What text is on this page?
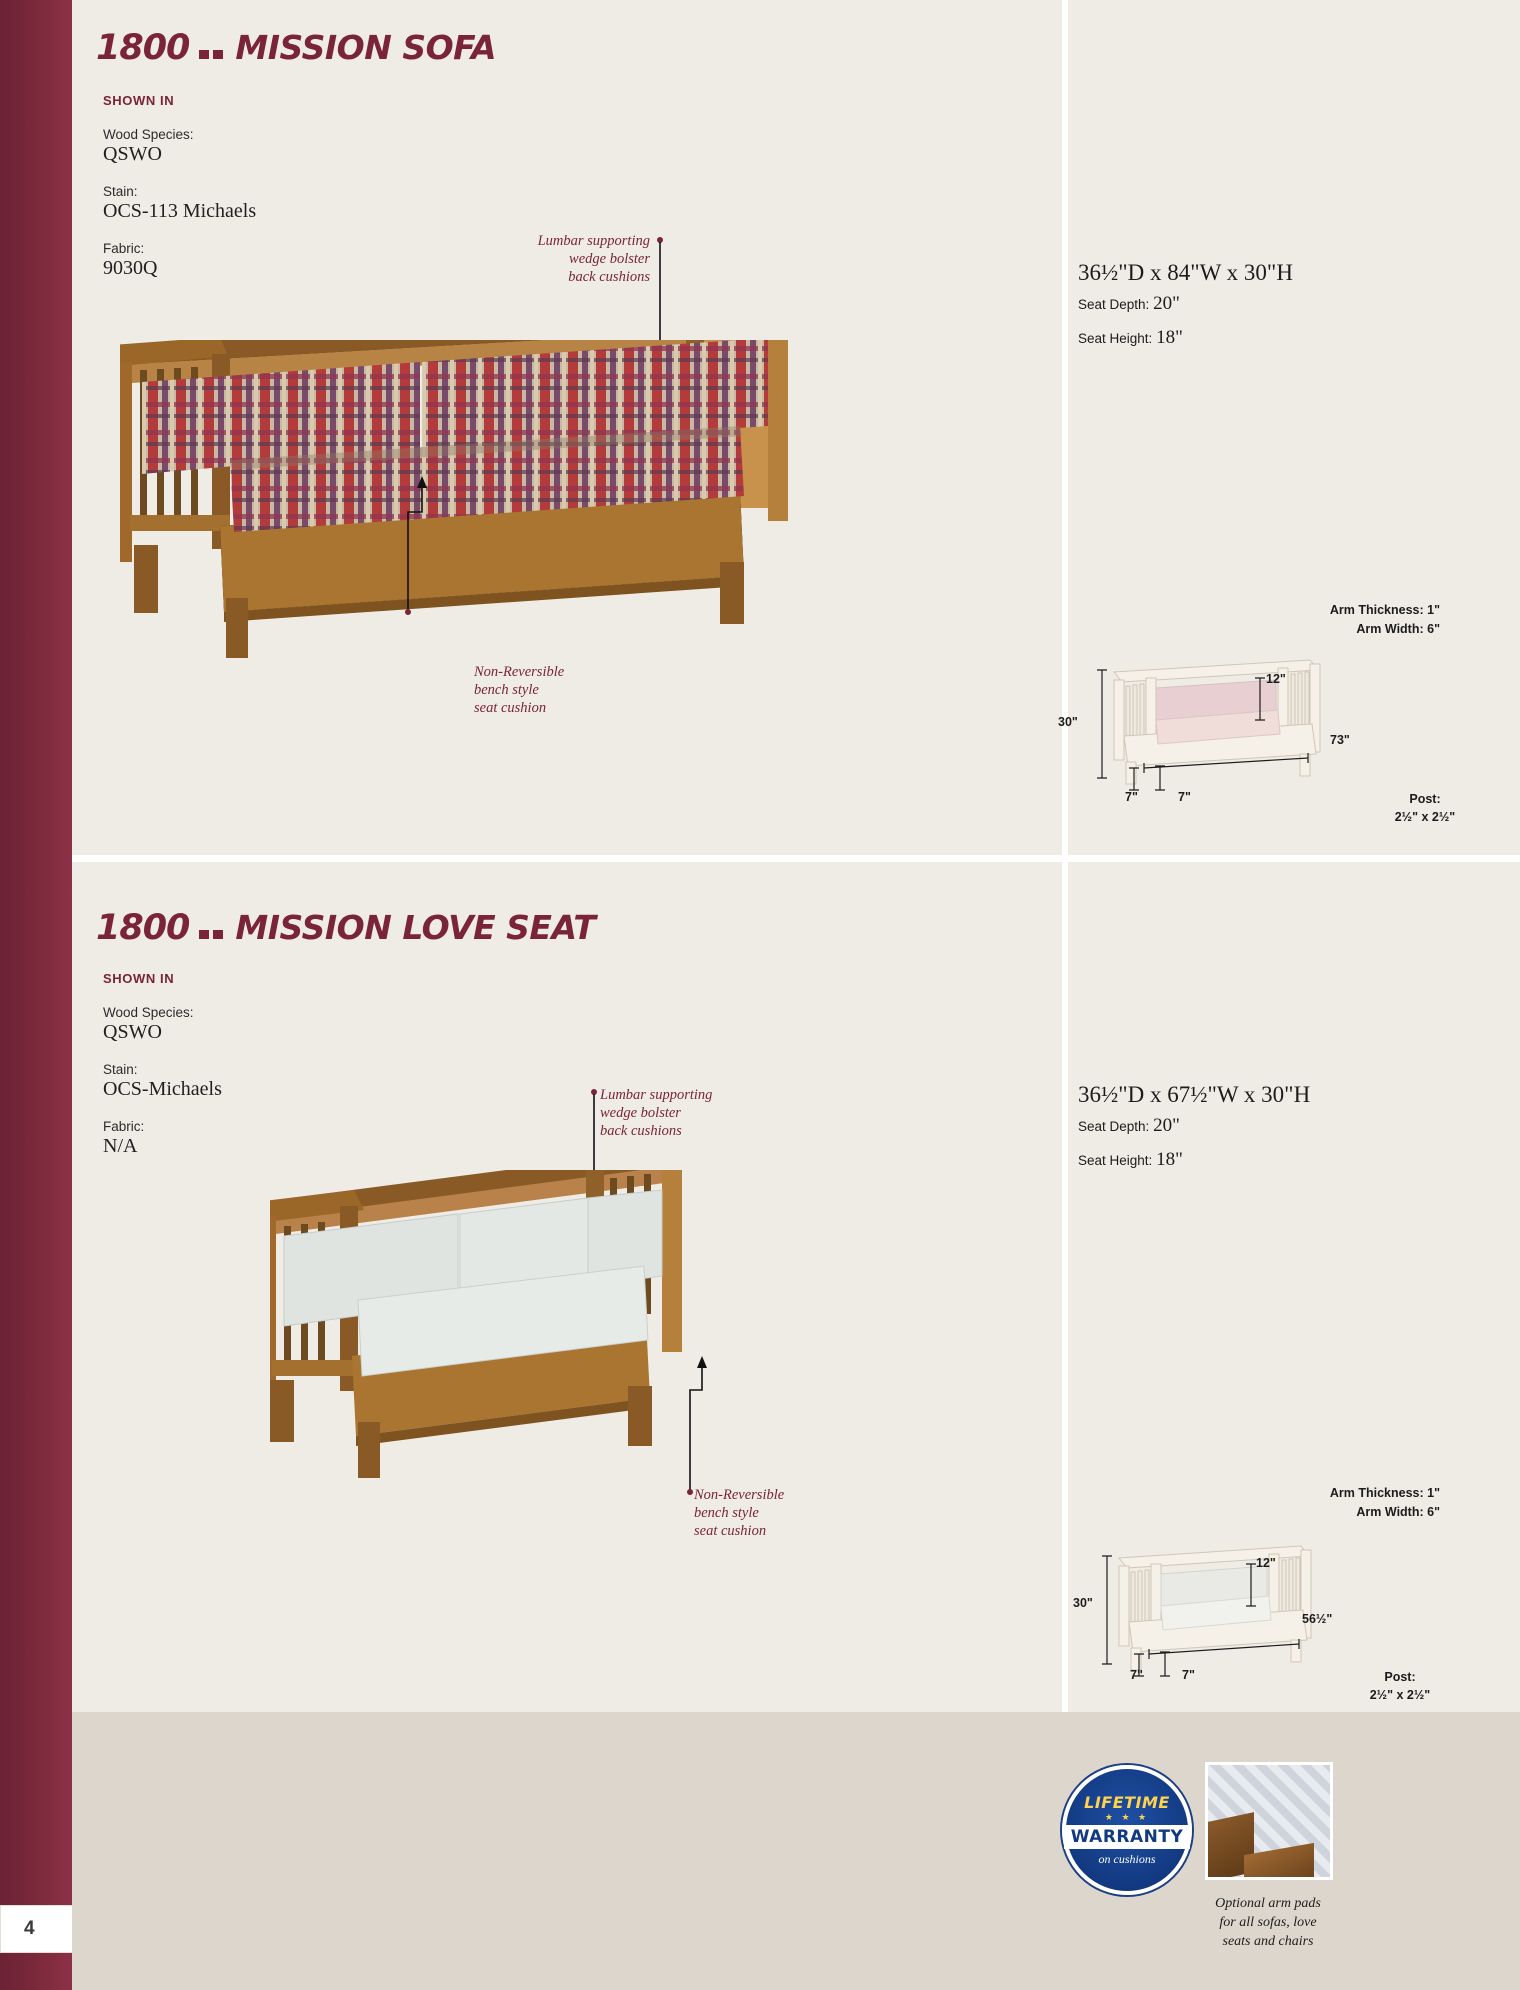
4
1800 MISSION SOFA
SHOWN IN
Wood Species:
QSWO
Stain:
OCS-113 Michaels
Fabric:
9030Q
Lumbar supporting
wedge bolster
back cushions
Non-Reversible
bench style
seat cushion
36½"D x 84"W x 30"H
Seat Depth: 20"
Seat Height: 18"
Arm Thickness: 1"
Arm Width: 6"
30"
12"
73"
7"	7"	Post:
2½" x 2½"
1800 MISSION LOVE SEAT
SHOWN IN
Wood Species:
QSWO
Stain:
OCS-Michaels
Fabric:
N/A
Lumbar supporting
wedge bolster
back cushions
Non-Reversible
bench style
seat cushion
36½"D x 67½"W x 30"H
Seat Depth: 20"
Seat Height: 18"
Arm Thickness: 1"
Arm Width: 6"
30"
12"
56½"
7"	7"	Post:
2½" x 2½"
LIFETIME
★ ★ ★
WARRANTY
on cushions
Optional arm pads
for all sofas, love
seats and chairs
